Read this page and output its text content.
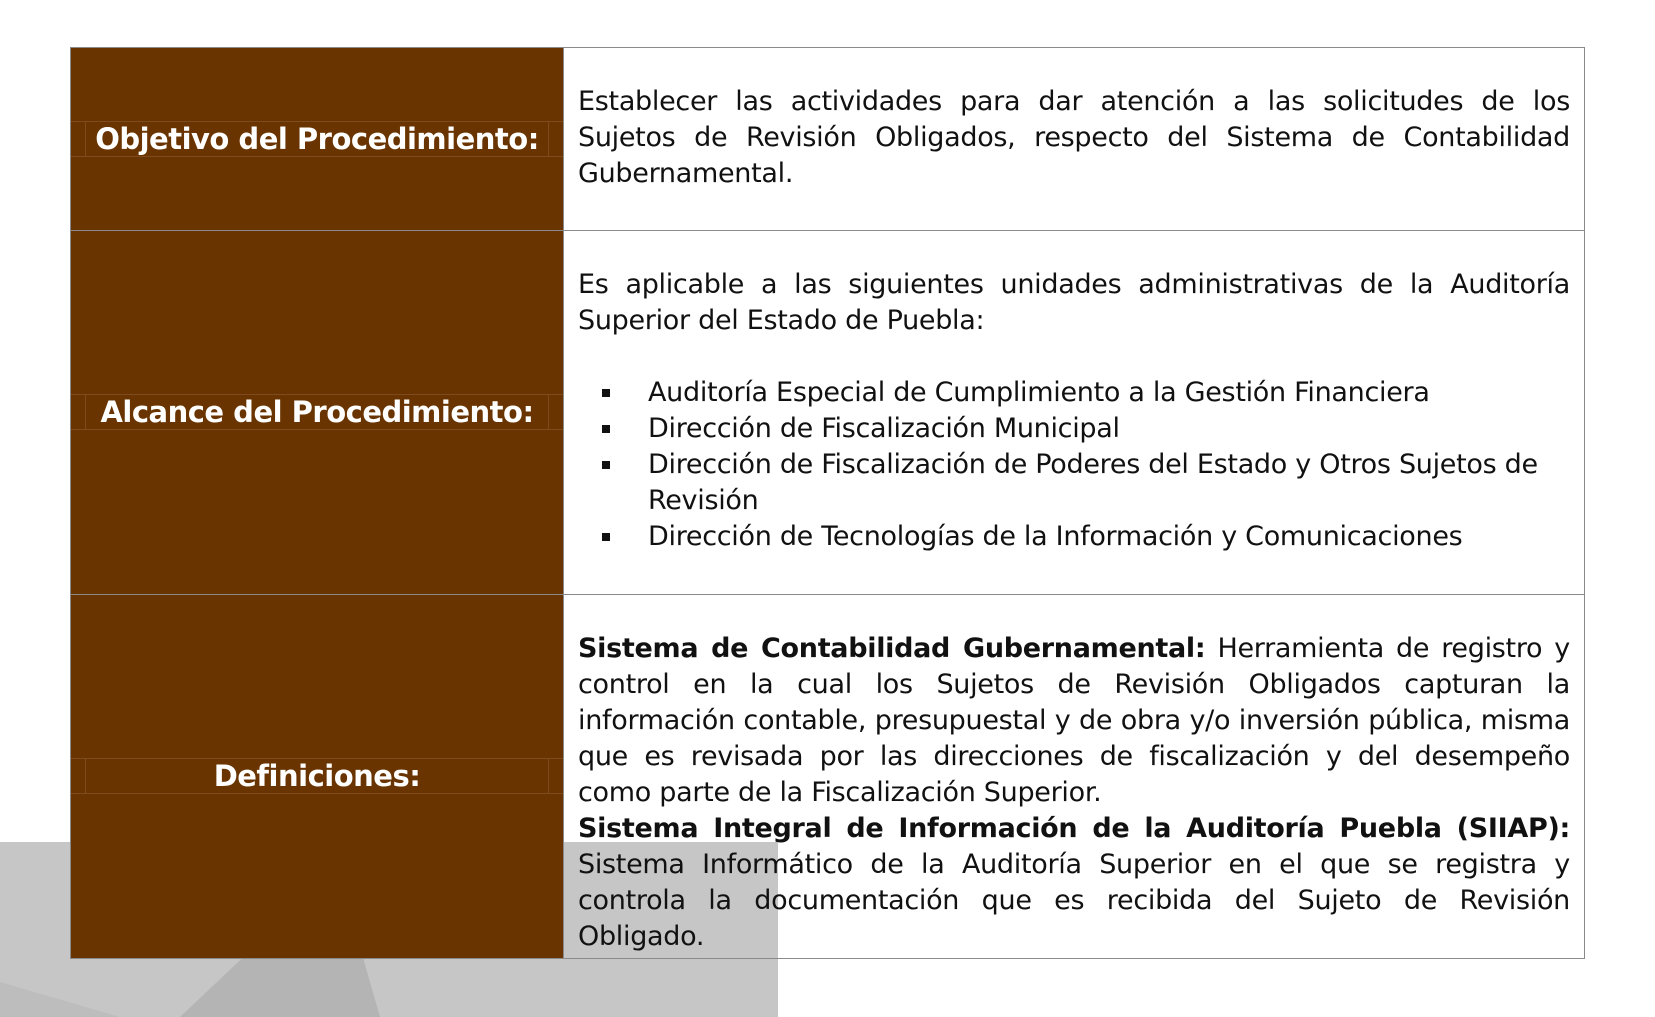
Objetivo del Procedimiento:

Establecer las actividades para dar atención a las solicitudes de los Sujetos de Revisión Obligados, respecto del Sistema de Contabilidad Gubernamental.

Alcance del Procedimiento:

Es aplicable a las siguientes unidades administrativas de la Auditoría Superior del Estado de Puebla:

Auditoría Especial de Cumplimiento a la Gestión Financiera
Dirección de Fiscalización Municipal
Dirección de Fiscalización de Poderes del Estado y Otros Sujetos de Revisión
Dirección de Tecnologías de la Información y Comunicaciones
Definiciones:

Sistema de Contabilidad Gubernamental: Herramienta de registro y control en la cual los Sujetos de Revisión Obligados capturan la información contable, presupuestal y de obra y/o inversión pública, misma que es revisada por las direcciones de fiscalización y del desempeño como parte de la Fiscalización Superior.

Sistema Integral de Información de la Auditoría Puebla (SIIAP): Sistema Informático de la Auditoría Superior en el que se registra y controla la documentación que es recibida del Sujeto de Revisión Obligado.
